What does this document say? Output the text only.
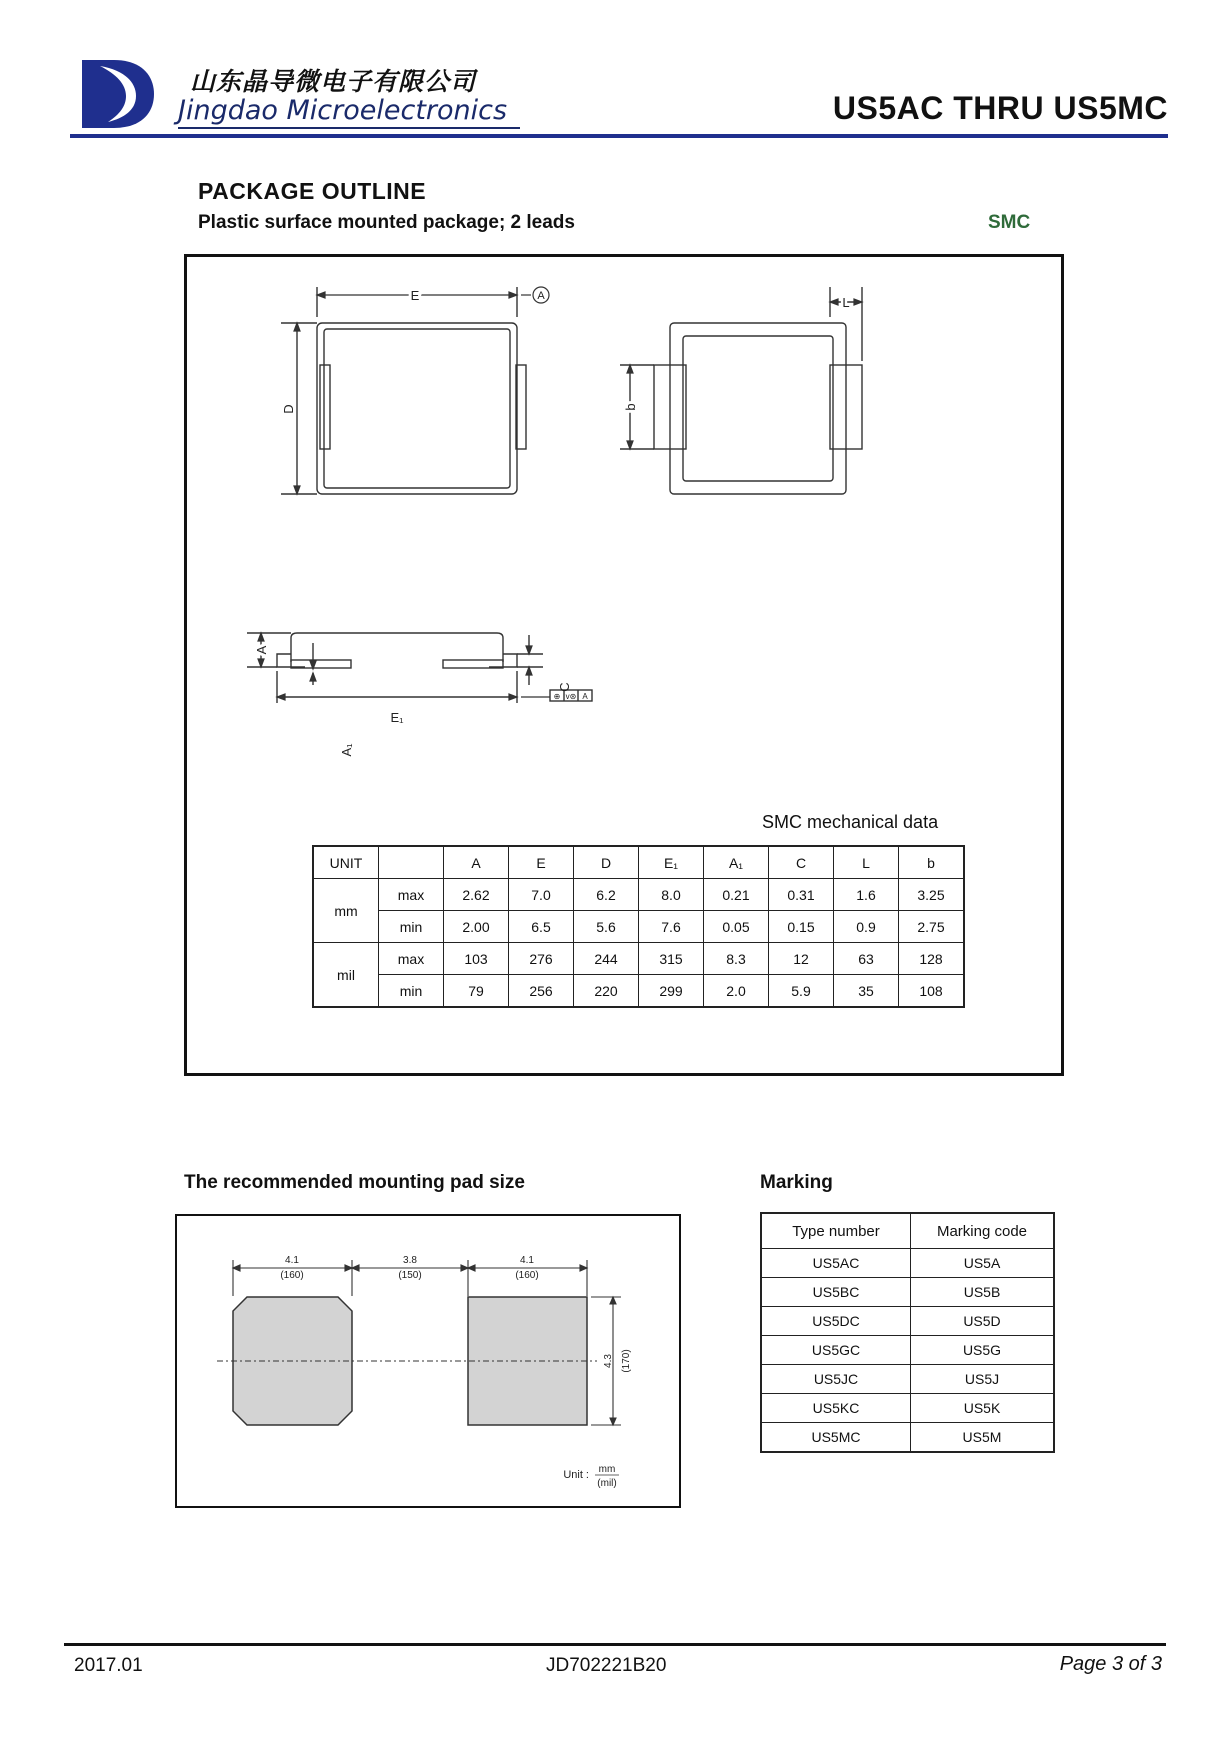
山东晶导微电子有限公司
Jingdao Microelectronics	US5AC THRU US5MC
PACKAGE OUTLINE
Plastic surface mounted package; 2 leads	SMC
A
E
D
L
b
A
C
A₁
E₁
⊕ v⊛ A
SMC mechanical data
UNIT		A	E	D	E₁	A₁	C	L	b
mm	max	2.62	7.0	6.2	8.0	0.21	0.31	1.6	3.25
	min	2.00	6.5	5.6	7.6	0.05	0.15	0.9	2.75
mil	max	103	276	244	315	8.3	12	63	128
	min	79	256	220	299	2.0	5.9	35	108
The recommended mounting pad size
4.1
(160)
3.8
(150)
4.1
(160)
4.3 (170)
Unit : mm
(mil)
Marking
Type number	Marking code
US5AC	US5A
US5BC	US5B
US5DC	US5D
US5GC	US5G
US5JC	US5J
US5KC	US5K
US5MC	US5M
2017.01	JD702221B20	Page 3 of 3
